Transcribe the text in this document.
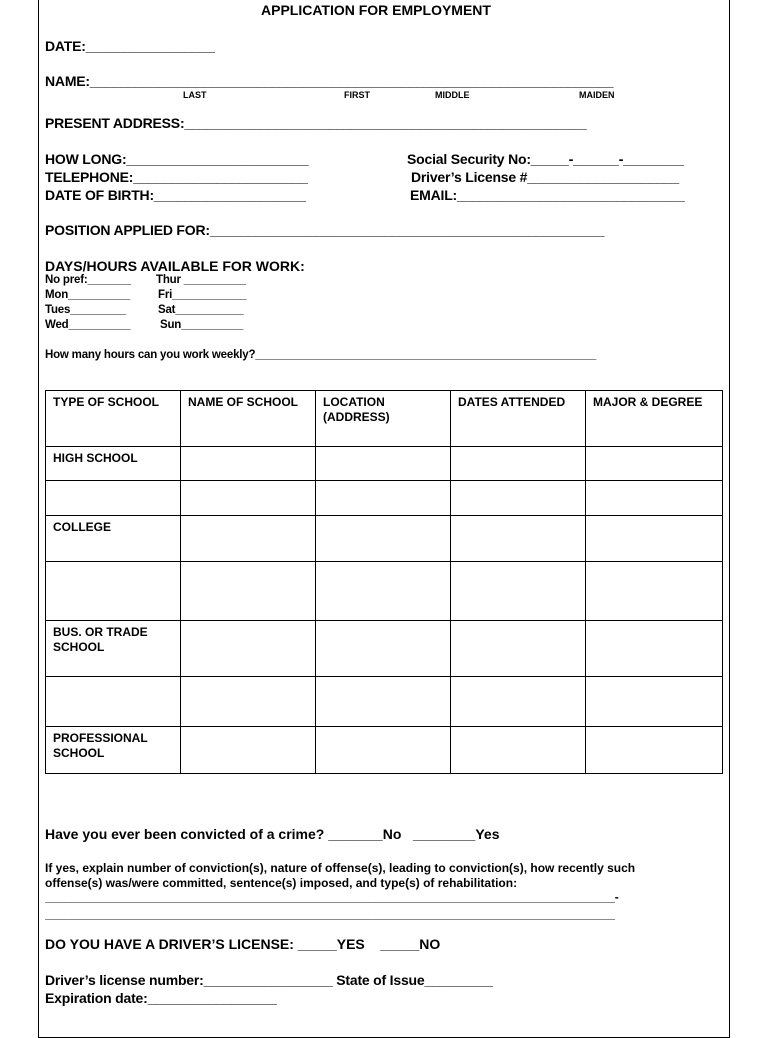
APPLICATION FOR EMPLOYMENT
DATE:_________________
NAME:_____________________________________________________________________
LAST	FIRST	MIDDLE	MAIDEN
PRESENT ADDRESS:_____________________________________________________
HOW LONG:________________________
TELEPHONE:_______________________
DATE OF BIRTH:____________________
Social Security No:_____-______-________
Driver’s License #____________________
EMAIL:______________________________
POSITION APPLIED FOR:____________________________________________________
DAYS/HOURS AVAILABLE FOR WORK:
No pref:_______
Mon__________
Tues_________
Wed__________
Thur __________
Fri____________
Sat___________
Sun__________
How many hours can you work weekly?_______________________________________________________
TYPE OF SCHOOL	NAME OF SCHOOL	LOCATION (ADDRESS)	DATES ATTENDED	MAJOR & DEGREE
HIGH SCHOOL				

COLLEGE				

BUS. OR TRADE SCHOOL				

PROFESSIONAL SCHOOL				
Have you ever been convicted of a crime? _______No   ________Yes
If yes, explain number of conviction(s), nature of offense(s), leading to conviction(s), how recently such
offense(s) was/were committed, sentence(s) imposed, and type(s) of rehabilitation:
________________________________________________________________________________________-
________________________________________________________________________________________
DO YOU HAVE A DRIVER’S LICENSE: _____YES    _____NO
Driver’s license number:_________________ State of Issue_________
Expiration date:_________________
